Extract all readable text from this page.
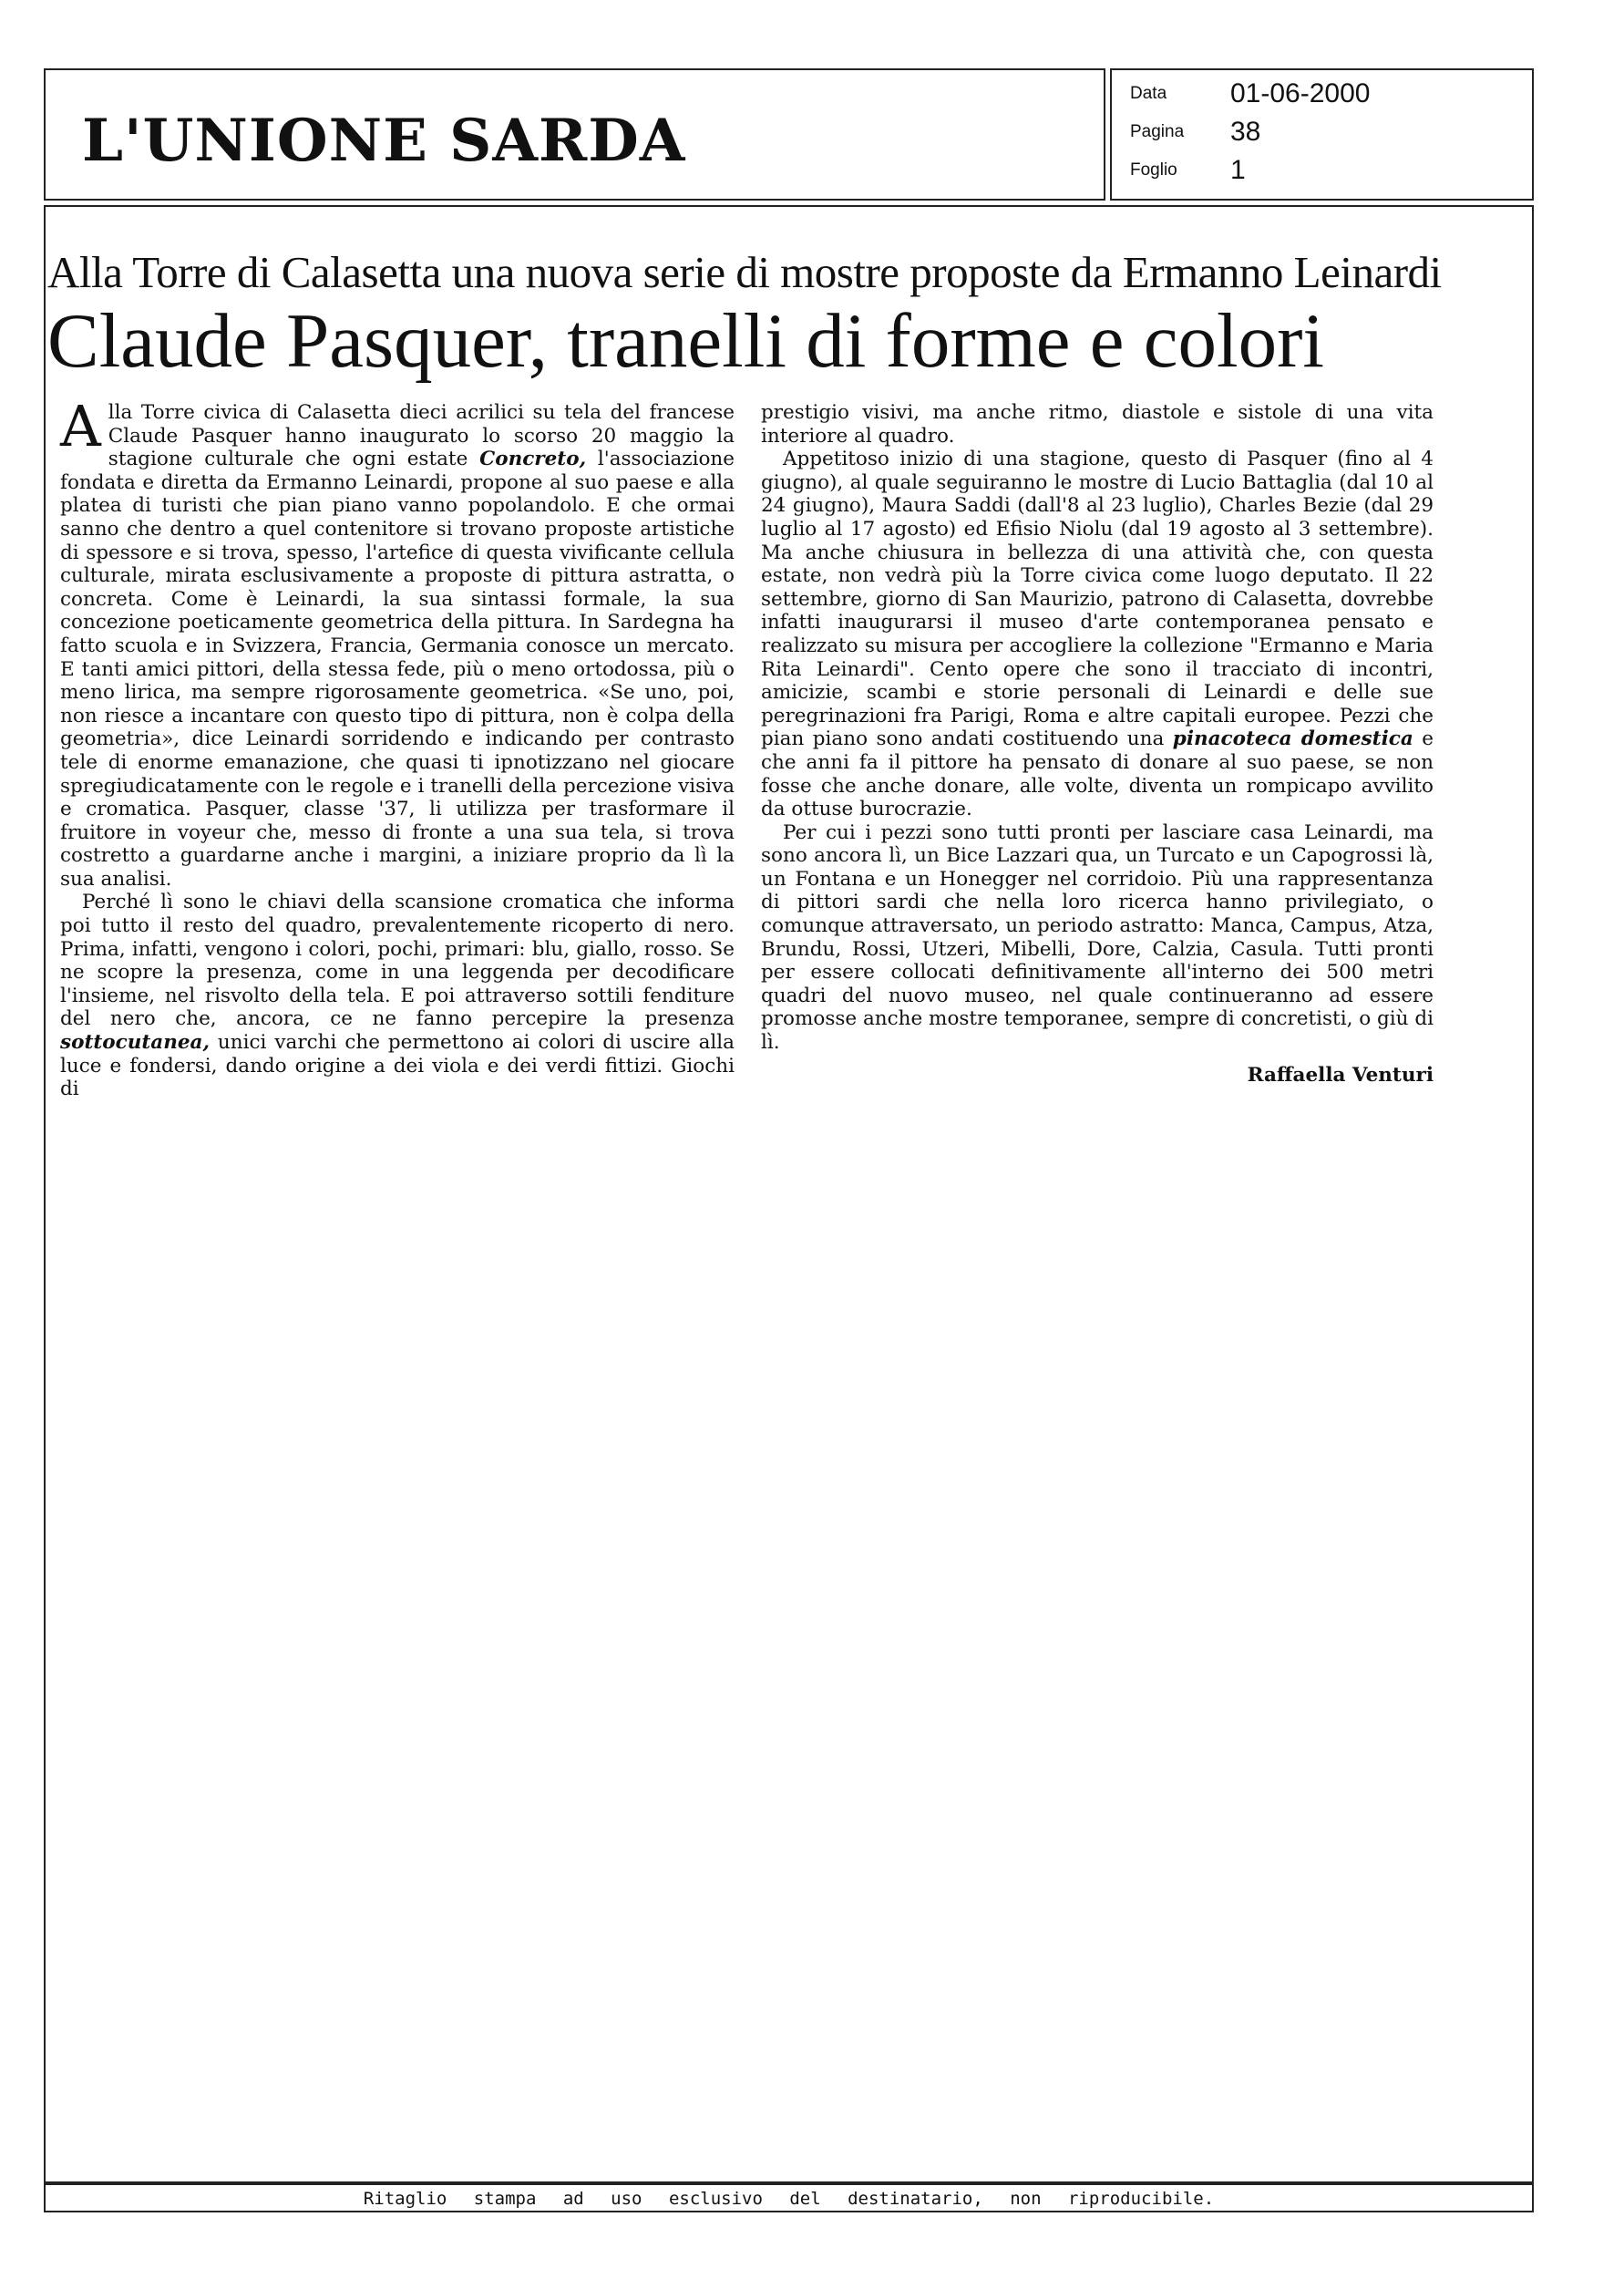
L'UNIONE SARDA
Data	01-06-2000
Pagina	38
Foglio	1
Alla Torre di Calasetta una nuova serie di mostre proposte da Ermanno Leinardi
Claude Pasquer, tranelli di forme e colori

A lla Torre civica di Calasetta dieci acrilici su tela del francese Claude Pasquer hanno inaugurato lo scorso 20 maggio la stagione culturale che ogni estate Concreto, l'associazione fondata e diretta da Ermanno Leinardi, propone al suo paese e alla platea di turisti che pian piano vanno popolandolo. E che ormai sanno che dentro a quel contenitore si trovano proposte artistiche di spessore e si trova, spesso, l'artefice di questa vivificante cellula culturale, mirata esclusivamente a proposte di pittura astratta, o concreta. Come è Leinardi, la sua sintassi formale, la sua concezione poeticamente geometrica della pittura. In Sardegna ha fatto scuola e in Svizzera, Francia, Germania conosce un mercato. E tanti amici pittori, della stessa fede, più o meno ortodossa, più o meno lirica, ma sempre rigorosamente geometrica. «Se uno, poi, non riesce a incantare con questo tipo di pittura, non è colpa della geometria», dice Leinardi sorridendo e indicando per contrasto tele di enorme emanazione, che quasi ti ipnotizzano nel giocare spregiudicatamente con le regole e i tranelli della percezione visiva e cromatica. Pasquer, classe '37, li utilizza per trasformare il fruitore in voyeur che, messo di fronte a una sua tela, si trova costretto a guardarne anche i margini, a iniziare proprio da lì la sua analisi.

Perché lì sono le chiavi della scansione cromatica che informa poi tutto il resto del quadro, prevalentemente ricoperto di nero. Prima, infatti, vengono i colori, pochi, primari: blu, giallo, rosso. Se ne scopre la presenza, come in una leggenda per decodificare l'insieme, nel risvolto della tela. E poi attraverso sottili fenditure del nero che, ancora, ce ne fanno percepire la presenza sottocutanea, unici varchi che permettono ai colori di uscire alla luce e fondersi, dando origine a dei viola e dei verdi fittizi. Giochi di

prestigio visivi, ma anche ritmo, diastole e sistole di una vita interiore al quadro.

Appetitoso inizio di una stagione, questo di Pasquer (fino al 4 giugno), al quale seguiranno le mostre di Lucio Battaglia (dal 10 al 24 giugno), Maura Saddi (dall'8 al 23 luglio), Charles Bezie (dal 29 luglio al 17 agosto) ed Efisio Niolu (dal 19 agosto al 3 settembre). Ma anche chiusura in bellezza di una attività che, con questa estate, non vedrà più la Torre civica come luogo deputato. Il 22 settembre, giorno di San Maurizio, patrono di Calasetta, dovrebbe infatti inaugurarsi il museo d'arte contemporanea pensato e realizzato su misura per accogliere la collezione "Ermanno e Maria Rita Leinardi". Cento opere che sono il tracciato di incontri, amicizie, scambi e storie personali di Leinardi e delle sue peregrinazioni fra Parigi, Roma e altre capitali europee. Pezzi che pian piano sono andati costituendo una pinacoteca domestica e che anni fa il pittore ha pensato di donare al suo paese, se non fosse che anche donare, alle volte, diventa un rompicapo avvilito da ottuse burocrazie.

Per cui i pezzi sono tutti pronti per lasciare casa Leinardi, ma sono ancora lì, un Bice Lazzari qua, un Turcato e un Capogrossi là, un Fontana e un Honegger nel corridoio. Più una rappresentanza di pittori sardi che nella loro ricerca hanno privilegiato, o comunque attraversato, un periodo astratto: Manca, Campus, Atza, Brundu, Rossi, Utzeri, Mibelli, Dore, Calzia, Casula. Tutti pronti per essere collocati definitivamente all'interno dei 500 metri quadri del nuovo museo, nel quale continueranno ad essere promosse anche mostre temporanee, sempre di concretisti, o giù di lì.

Raffaella Venturi
Ritaglio stampa ad uso esclusivo del destinatario, non riproducibile.
